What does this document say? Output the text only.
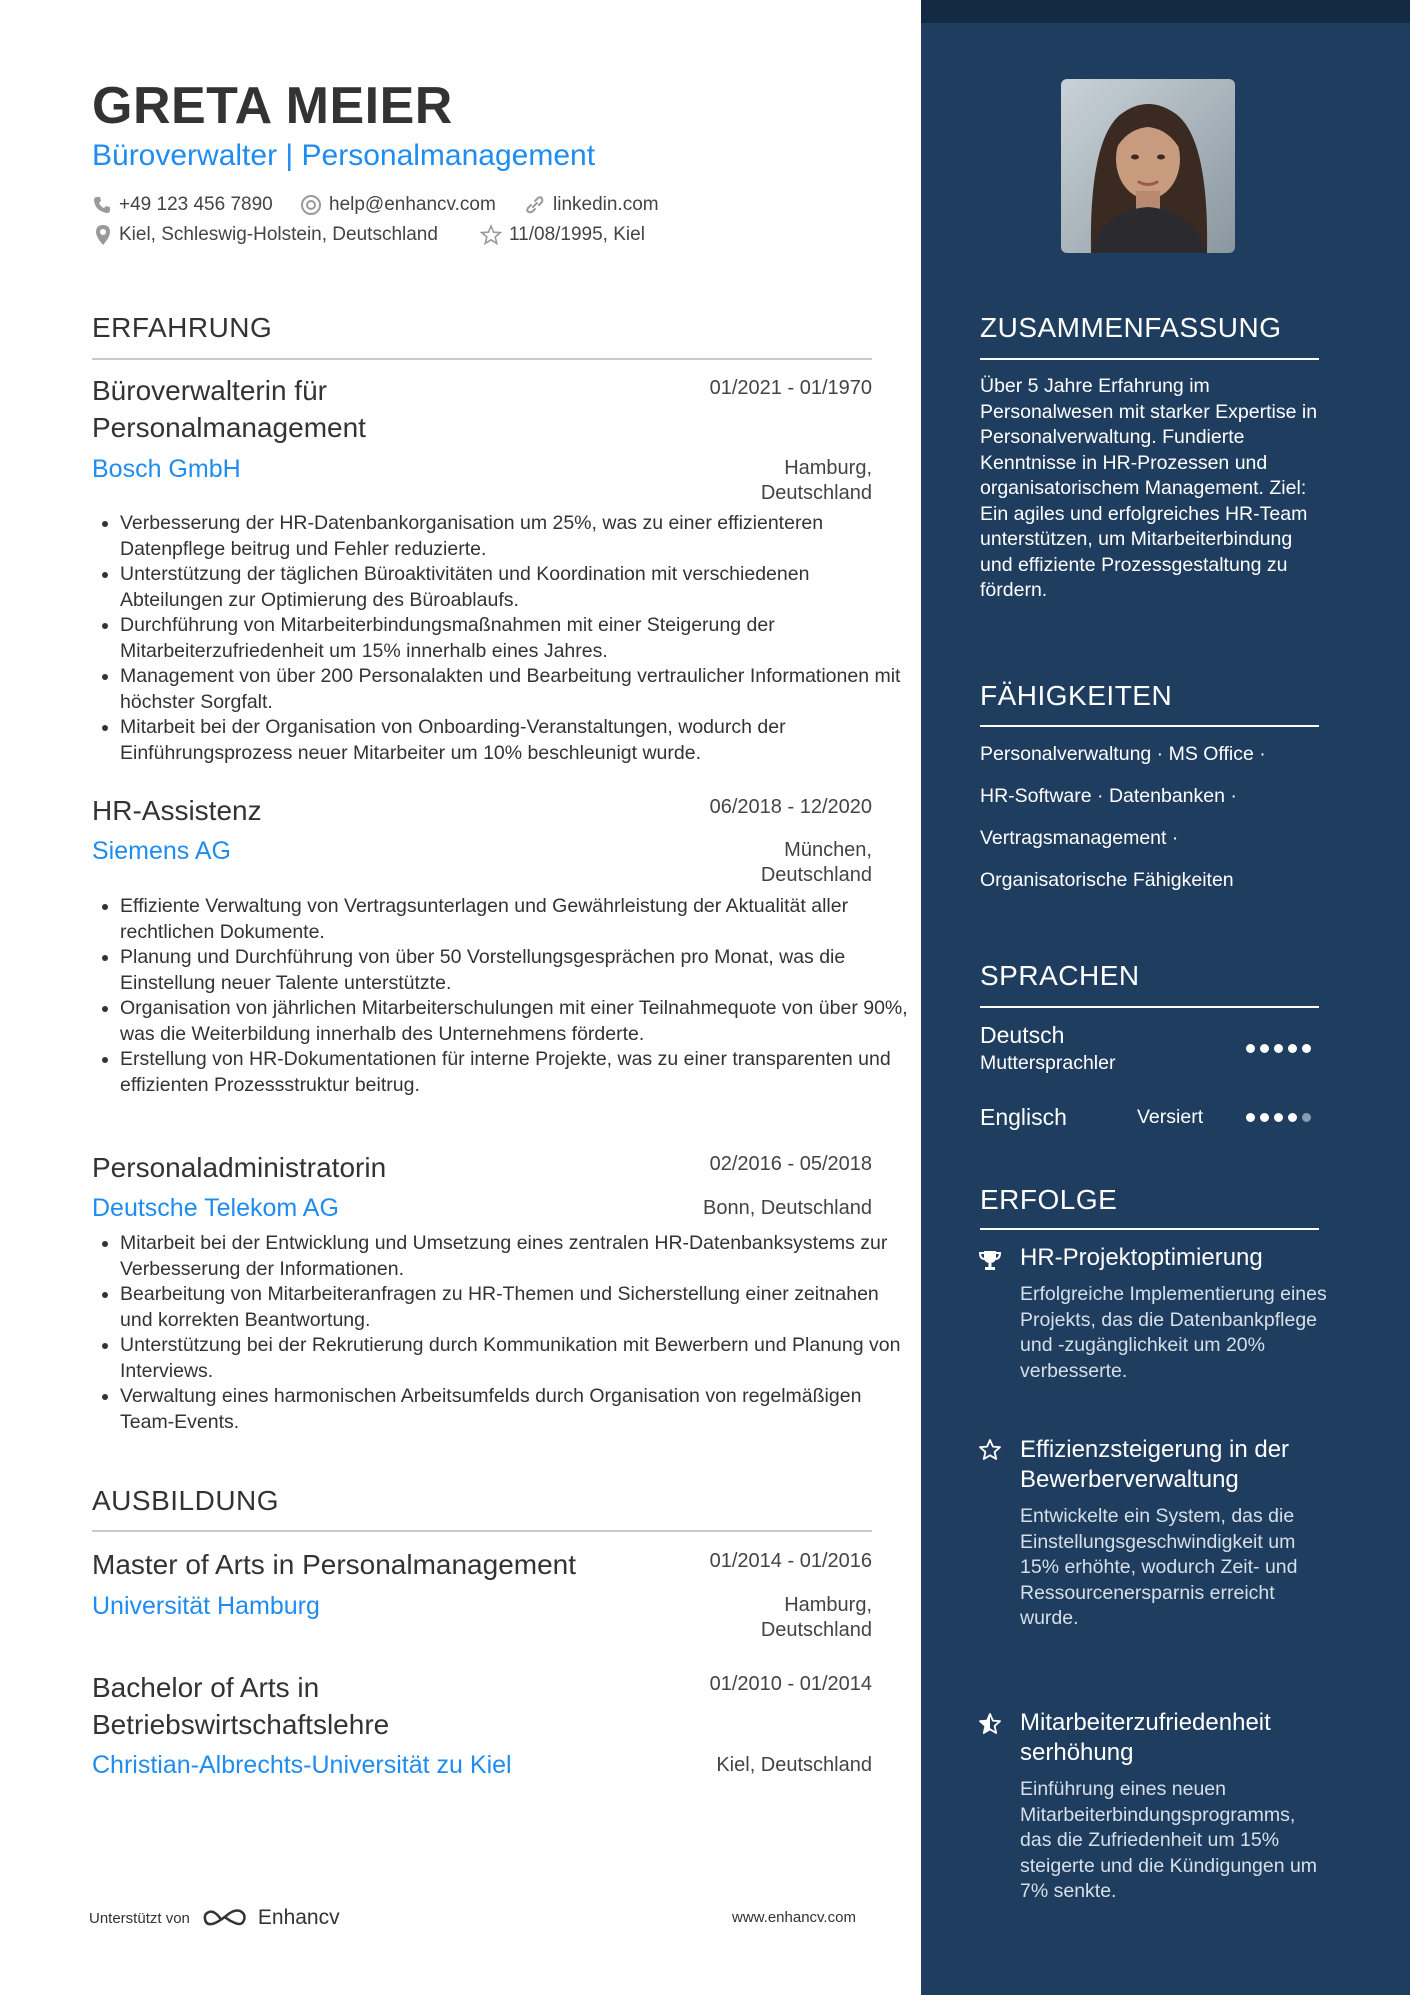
GRETA MEIER
Büroverwalter | Personalmanagement
+49 123 456 7890	help@enhancv.com	linkedin.com
Kiel, Schleswig-Holstein, Deutschland	11/08/1995, Kiel
ERFAHRUNG
Büroverwalterin für Personalmanagement
01/2021 - 01/1970
Bosch GmbH	Hamburg, Deutschland
• Verbesserung der HR-Datenbankorganisation um 25%, was zu einer effizienteren Datenpflege beitrug und Fehler reduzierte.
• Unterstützung der täglichen Büroaktivitäten und Koordination mit verschiedenen Abteilungen zur Optimierung des Büroablaufs.
• Durchführung von Mitarbeiterbindungsmaßnahmen mit einer Steigerung der Mitarbeiterzufriedenheit um 15% innerhalb eines Jahres.
• Management von über 200 Personalakten und Bearbeitung vertraulicher Informationen mit höchster Sorgfalt.
• Mitarbeit bei der Organisation von Onboarding-Veranstaltungen, wodurch der Einführungsprozess neuer Mitarbeiter um 10% beschleunigt wurde.
HR-Assistenz	06/2018 - 12/2020
Siemens AG	München, Deutschland
• Effiziente Verwaltung von Vertragsunterlagen und Gewährleistung der Aktualität aller rechtlichen Dokumente.
• Planung und Durchführung von über 50 Vorstellungsgesprächen pro Monat, was die Einstellung neuer Talente unterstützte.
• Organisation von jährlichen Mitarbeiterschulungen mit einer Teilnahmequote von über 90%, was die Weiterbildung innerhalb des Unternehmens förderte.
• Erstellung von HR-Dokumentationen für interne Projekte, was zu einer transparenten und effizienten Prozessstruktur beitrug.
Personaladministratorin	02/2016 - 05/2018
Deutsche Telekom AG	Bonn, Deutschland
• Mitarbeit bei der Entwicklung und Umsetzung eines zentralen HR-Datenbanksystems zur Verbesserung der Informationen.
• Bearbeitung von Mitarbeiteranfragen zu HR-Themen und Sicherstellung einer zeitnahen und korrekten Beantwortung.
• Unterstützung bei der Rekrutierung durch Kommunikation mit Bewerbern und Planung von Interviews.
• Verwaltung eines harmonischen Arbeitsumfelds durch Organisation von regelmäßigen Team-Events.
AUSBILDUNG
Master of Arts in Personalmanagement	01/2014 - 01/2016
Universität Hamburg	Hamburg, Deutschland
Bachelor of Arts in Betriebswirtschaftslehre
01/2010 - 01/2014
Christian-Albrechts-Universität zu Kiel	Kiel, Deutschland
Unterstützt von	Enhancv	www.enhancv.com
ZUSAMMENFASSUNG
Über 5 Jahre Erfahrung im Personalwesen mit starker Expertise in Personalverwaltung. Fundierte Kenntnisse in HR-Prozessen und organisatorischem Management. Ziel: Ein agiles und erfolgreiches HR-Team unterstützen, um Mitarbeiterbindung und effiziente Prozessgestaltung zu fördern.
FÄHIGKEITEN
Personalverwaltung · MS Office ·
HR-Software · Datenbanken ·
Vertragsmanagement ·
Organisatorische Fähigkeiten
SPRACHEN
Deutsch
Muttersprachler
Englisch	Versiert
ERFOLGE
HR-Projektoptimierung
Erfolgreiche Implementierung eines Projekts, das die Datenbankpflege und -zugänglichkeit um 20% verbesserte.
Effizienzsteigerung in der Bewerberverwaltung
Entwickelte ein System, das die Einstellungsgeschwindigkeit um 15% erhöhte, wodurch Zeit- und Ressourcenersparnis erreicht wurde.
Mitarbeiterzufriedenheit serhöhung
Einführung eines neuen Mitarbeiterbindungsprogramms, das die Zufriedenheit um 15% steigerte und die Kündigungen um 7% senkte.
